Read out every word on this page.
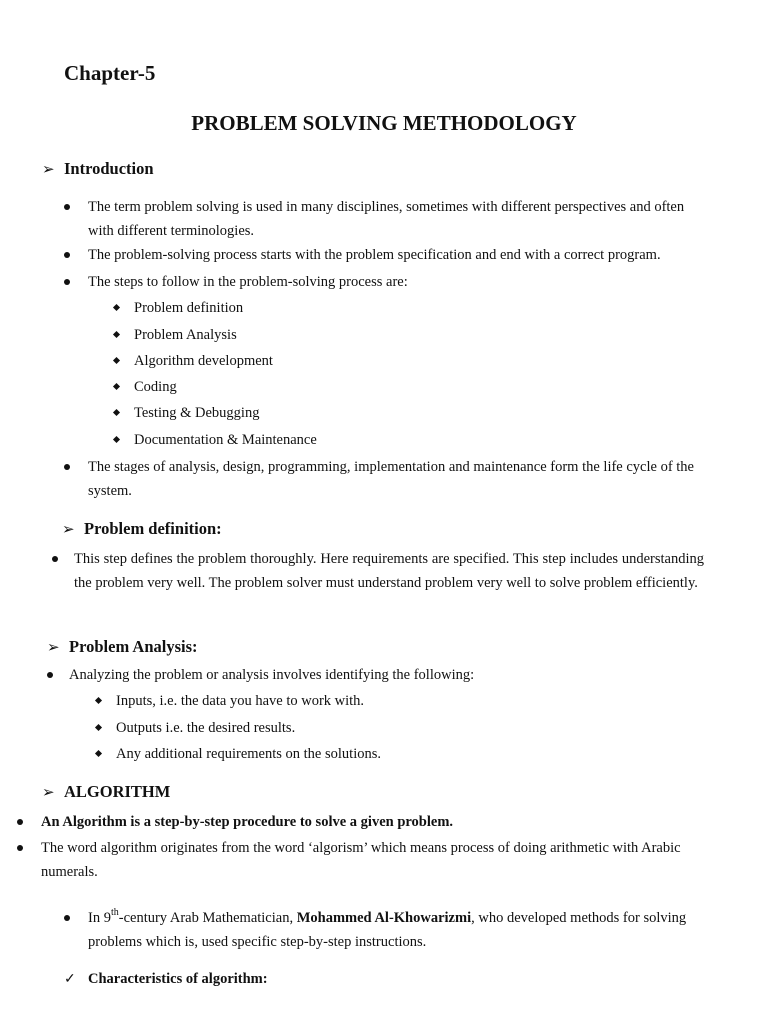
Chapter-5
PROBLEM SOLVING METHODOLOGY
➢ Introduction
The term problem solving is used in many disciplines, sometimes with different perspectives and often with different terminologies.
The problem-solving process starts with the problem specification and end with a correct program.
The steps to follow in the problem-solving process are:
Problem definition
Problem Analysis
Algorithm development
Coding
Testing & Debugging
Documentation & Maintenance
The stages of analysis, design, programming, implementation and maintenance form the life cycle of the system.
➢ Problem definition:
This step defines the problem thoroughly. Here requirements are specified. This step includes understanding the problem very well. The problem solver must understand problem very well to solve problem efficiently.
➢ Problem Analysis:
Analyzing the problem or analysis involves identifying the following:
Inputs, i.e. the data you have to work with.
Outputs i.e. the desired results.
Any additional requirements on the solutions.
➢ ALGORITHM
An Algorithm is a step-by-step procedure to solve a given problem.
The word algorithm originates from the word ‘algorism’ which means process of doing arithmetic with Arabic numerals.
In 9th-century Arab Mathematician, Mohammed Al-Khowarizmi, who developed methods for solving problems which is, used specific step-by-step instructions.
✓ Characteristics of algorithm:
